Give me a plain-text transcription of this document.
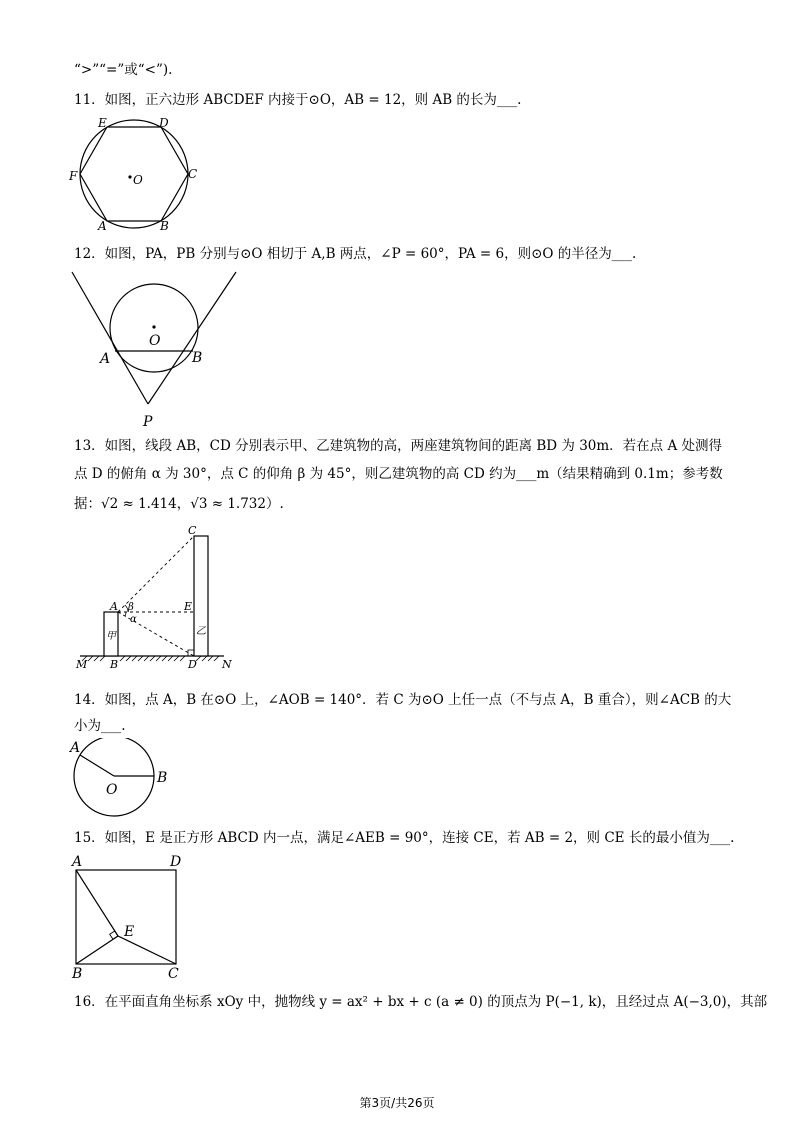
“>”“=”或“<”).
11．如图，正六边形 ABCDEF 内接于⊙O，AB = 12，则 AB 的长为___.
E	D
F	O	C
A	B
12．如图，PA，PB 分别与⊙O 相切于 A,B 两点，∠P = 60°，PA = 6，则⊙O 的半径为___.
O
A	B
P
13．如图，线段 AB，CD 分别表示甲、乙建筑物的高，两座建筑物间的距离 BD 为 30m．若在点 A 处测得
点 D 的俯角 α 为 30°，点 C 的仰角 β 为 45°，则乙建筑物的高 CD 约为___m（结果精确到 0.1m；参考数
据：√2 ≈ 1.414，√3 ≈ 1.732）.
C
A β
α
E
甲	乙
M B	D N
14．如图，点 A，B 在⊙O 上，∠AOB = 140°．若 C 为⊙O 上任一点（不与点 A，B 重合），则∠ACB 的大
小为___.
A
O
B
15．如图，E 是正方形 ABCD 内一点，满足∠AEB = 90°，连接 CE，若 AB = 2，则 CE 长的最小值为___.
A	D
E
B	C
16．在平面直角坐标系 xOy 中，抛物线 y = ax² + bx + c (a ≠ 0) 的顶点为 P(−1, k)，且经过点 A(−3,0)，其部
第3页/共26页
